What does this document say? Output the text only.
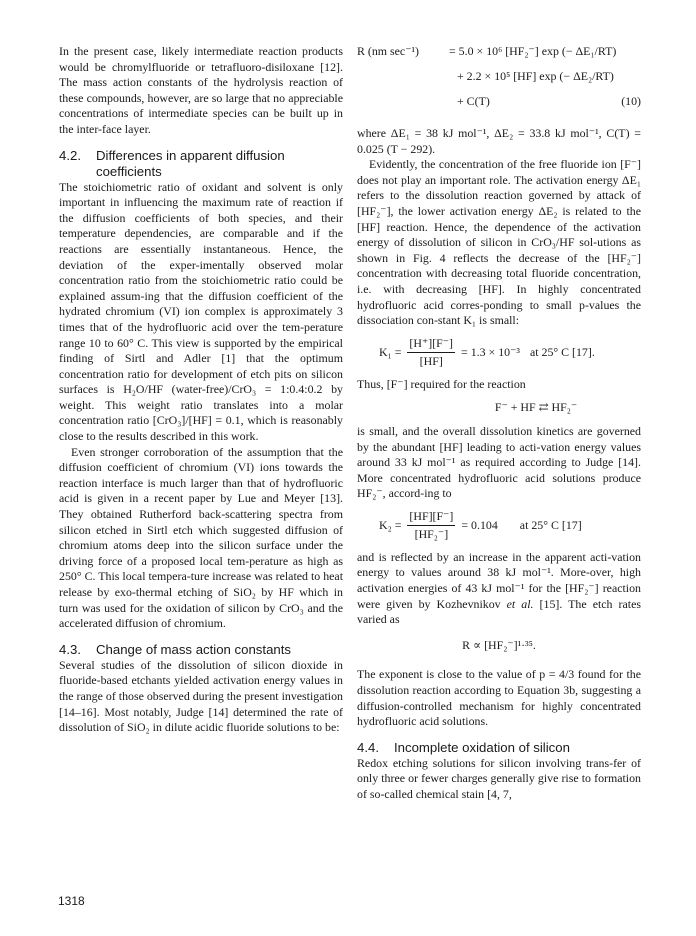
In the present case, likely intermediate reaction products would be chromylfluoride or tetrafluoro-disiloxane [12]. The mass action constants of the hydrolysis reaction of these compounds, however, are so large that no appreciable concentrations of intermediate species can be built up in the inter-face layer.

4.2. Differences in apparent diffusion
coefficients

The stoichiometric ratio of oxidant and solvent is only important in influencing the maximum rate of reaction if the diffusion coefficients of both species, and their temperature dependencies, are comparable and if the reactions are essentially instantaneous. Hence, the deviation of the exper-imentally observed molar concentration ratio from the stoichiometric ratio could be explained assum-ing that the diffusion coefficient of the hydrated chromium (VI) ion complex is approximately 3 times that of the hydrofluoric acid over the tem-perature range 10 to 60° C. This view is supported by the empirical finding of Sirtl and Adler [1] that the optimum concentration ratio for development of etch pits on silicon surfaces is H₂O/HF (water-free)/CrO₃ = 1:0.4:0.2 by weight. This weight ratio translates into a molar concentration ratio [CrO₃]/[HF] = 0.1, which is reasonably close to the results described in this work.

Even stronger corroboration of the assumption that the diffusion coefficient of chromium (VI) ions towards the reaction interface is much larger than that of hydrofluoric acid is given in a recent paper by Lue and Meyer [13]. They obtained Rutherford back-scattering spectra from silicon etched in Sirtl etch which suggested diffusion of chromium atoms deep into the silicon surface under the driving force of a proposed local tem-perature as high as 250° C. This local tempera-ture increase was related to heat release by exo-thermal etching of SiO₂ by HF which in turn was used for the oxidation of silicon by CrO₃ and the accelerated diffusion of chromium.

4.3. Change of mass action constants

Several studies of the dissolution of silicon dioxide in fluoride-based etchants yielded activation energy values in the range of those observed during the present investigation [14–16]. Most notably, Judge [14] determined the rate of dissolution of SiO₂ in dilute acidic fluoride solutions to be:

R (nm sec⁻¹)	= 5.0 × 10⁶ [HF₂⁻] exp (− ΔE₁/RT)
+ 2.2 × 10⁵ [HF] exp (− ΔE₂/RT)
+ C(T)	(10)

where ΔE₁ = 38 kJ mol⁻¹, ΔE₂ = 33.8 kJ mol⁻¹, C(T) = 0.025 (T − 292).

Evidently, the concentration of the free fluoride ion [F⁻] does not play an important role. The activation energy ΔE₁ refers to the dissolution reaction governed by attack of [HF₂⁻], the lower activation energy ΔE₂ is related to the [HF] reaction. Hence, the dependence of the activation energy of dissolution of silicon in CrO₃/HF sol-utions as shown in Fig. 4 reflects the decrease of the [HF₂⁻] concentration with decreasing total fluoride concentration, i.e. with decreasing [HF]. In highly concentrated hydrofluoric acid corres-ponding to small p-values the dissociation con-stant K₁ is small:

$K_1 = \frac{[H^+][F^-]}{[HF]} = 1.3 \times 10^{-3}$ at 25° C [17].

Thus, [F⁻] required for the reaction

F⁻ + HF ⇄ HF₂⁻

is small, and the overall dissolution kinetics are governed by the abundant [HF] leading to acti-vation energy values around 33 kJ mol⁻¹ as required according to Judge [14]. More concentrated hydrofluoric acid solutions produce HF₂⁻, accord-ing to

$K_2 = \frac{[HF][F^-]}{\text{[HF₂⁻]}} = 0.104$ at 25° C [17]

and is reflected by an increase in the apparent acti-vation energy to values around 38 kJ mol⁻¹. More-over, high activation energies of 43 kJ mol⁻¹ for the [HF₂⁻] reaction were given by Kozhevnikov et al. [15]. The etch rates varied as

R ∝ [HF₂⁻]¹·³⁵.

The exponent is close to the value of p = 4/3 found for the dissolution reaction according to Equation 3b, suggesting a diffusion-controlled mechanism for highly concentrated hydrofluoric acid solutions.

4.4. Incomplete oxidation of silicon

Redox etching solutions for silicon involving trans-fer of only three or fewer charges generally give rise to formation of so-called chemical stain [4, 7,

1318
